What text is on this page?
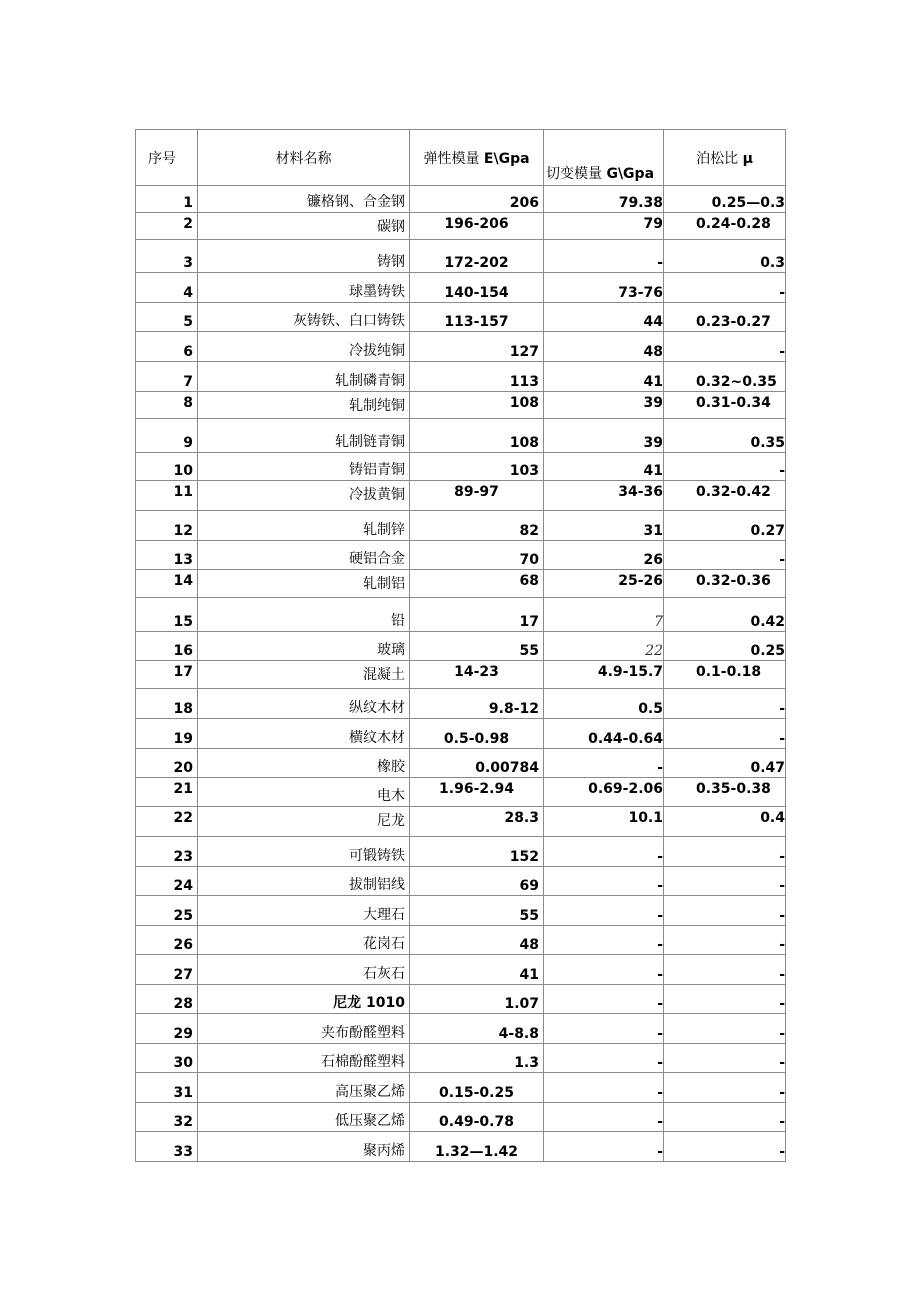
序号	材料名称	弹性模量 E\Gpa	切变模量 G\Gpa	泊松比 μ
1	镰格钢、合金钢	206	79.38	0.25—0.3
2	碳钢	196-206	79	0.24-0.28
3	铸钢	172-202	-	0.3
4	球墨铸铁	140-154	73-76	-
5	灰铸铁、白口铸铁	113-157	44	0.23-0.27
6	冷拔纯铜	127	48	-
7	轧制磷青铜	113	41	0.32~0.35
8	轧制纯铜	108	39	0.31-0.34
9	轧制链青铜	108	39	0.35
10	铸铝青铜	103	41	-
11	冷拔黄铜	89-97	34-36	0.32-0.42
12	轧制锌	82	31	0.27
13	硬铝合金	70	26	-
14	轧制铝	68	25-26	0.32-0.36
15	铅	17	7	0.42
16	玻璃	55	22	0.25
17	混凝土	14-23	4.9-15.7	0.1-0.18
18	纵纹木材	9.8-12	0.5	-
19	横纹木材	0.5-0.98	0.44-0.64	-
20	橡胶	0.00784	-	0.47
21	电木	1.96-2.94	0.69-2.06	0.35-0.38
22	尼龙	28.3	10.1	0.4
23	可锻铸铁	152	-	-
24	拔制铝线	69	-	-
25	大理石	55	-	-
26	花岗石	48	-	-
27	石灰石	41	-	-
28	尼龙 1010	1.07	-	-
29	夹布酚醛塑料	4-8.8	-	-
30	石棉酚醛塑料	1.3	-	-
31	高压聚乙烯	0.15-0.25	-	-
32	低压聚乙烯	0.49-0.78	-	-
33	聚丙烯	1.32—1.42	-	-
